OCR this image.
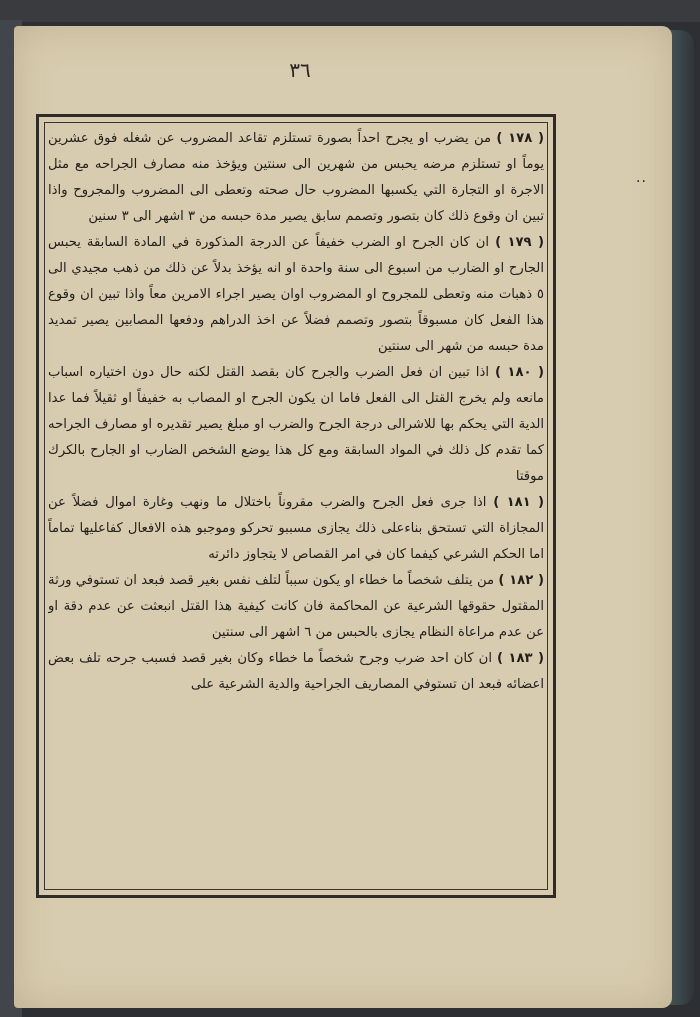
٣٦
..

( ١٧٨ ) من يضرب او يجرح احداً بصورة تستلزم تقاعد المضروب عن شغله فوق عشرين يوماً او تستلزم مرضه يحبس من شهرين الى سنتين ويؤخذ منه مصارف الجراحه مع مثل الاجرة او التجارة التي يكسبها المضروب حال صحته وتعطى الى المضروب والمجروح واذا تبين ان وقوع ذلك كان بتصور وتصمم سابق يصير مدة حبسه من ٣ اشهر الى ٣ سنين

( ١٧٩ ) ان كان الجرح او الضرب خفيفاً عن الدرجة المذكورة في المادة السابقة يحبس الجارح او الضارب من اسبوع الى سنة واحدة او انه يؤخذ بدلاً عن ذلك من ذهب مجيدي الى ٥ ذهبات منه وتعطى للمجروح او المضروب اوان يصير اجراء الامرين معاً واذا تبين ان وقوع هذا الفعل كان مسبوقاً بتصور وتصمم فضلاً عن اخذ الدراهم ودفعها المصابين يصير تمديد مدة حبسه من شهر الى سنتين

( ١٨٠ ) اذا تبين ان فعل الضرب والجرح كان بقصد القتل لكنه حال دون اختياره اسباب مانعه ولم يخرج القتل الى الفعل فاما ان يكون الجرح او المصاب به خفيفاً او ثقيلاً فما عدا الدية التي يحكم بها للاشرالى درجة الجرح والضرب او مبلغ يصير تقديره او مصارف الجراحه كما تقدم كل ذلك في المواد السابقة ومع كل هذا يوضع الشخص الضارب او الجارح بالكرك موقتا

( ١٨١ ) اذا جرى فعل الجرح والضرب مقروناً باختلال ما ونهب وغارة اموال فضلاً عن المجازاة التي تستحق بناءعلى ذلك يجازى مسببو تحركو وموجبو هذه الافعال كفاعليها تماماً اما الحكم الشرعي كيفما كان في امر القصاص لا يتجاوز دائرته

( ١٨٢ ) من يتلف شخصاً ما خطاء او يكون سبباً لتلف نفس بغير قصد فبعد ان تستوفي ورثة المقتول حقوقها الشرعية عن المحاكمة فان كانت كيفية هذا القتل انبعثت عن عدم دقة او عن عدم مراعاة النظام يجازى بالحبس من ٦ اشهر الى سنتين

( ١٨٣ ) ان كان احد ضرب وجرح شخصاً ما خطاء وكان بغير قصد فسبب جرحه تلف بعض اعضائه فبعد ان تستوفي المصاريف الجراحية والدية الشرعية على
